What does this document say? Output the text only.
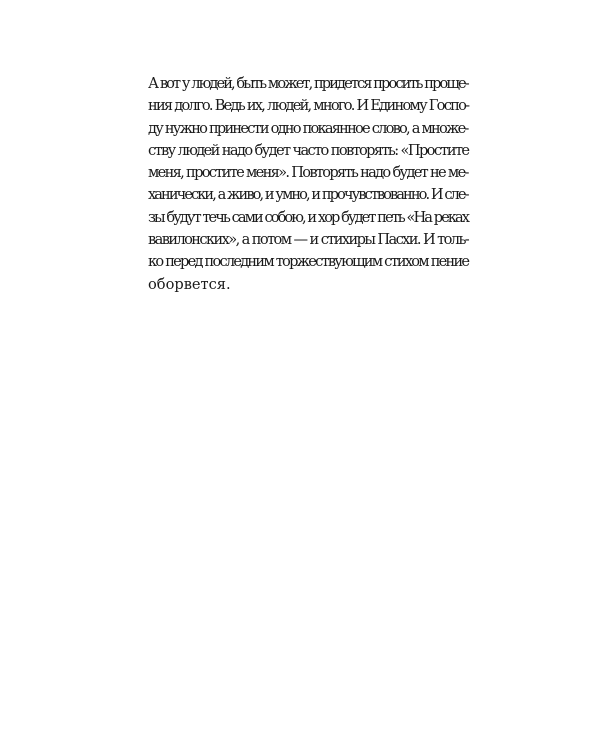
А вот у людей, быть может, придется просить проще-
ния долго. Ведь их, людей, много. И Единому Госпо-
ду нужно принести одно покаянное слово, а множе-
ству людей надо будет часто повторять: «Простите
меня, простите меня». Повторять надо будет не ме-
ханически, а живо, и умно, и прочувствованно. И сле-
зы будут течь сами собою, и хор будет петь «На реках
вавилонских», а потом — и стихиры Пасхи. И толь-
ко перед последним торжествующим стихом пение
оборвется.
